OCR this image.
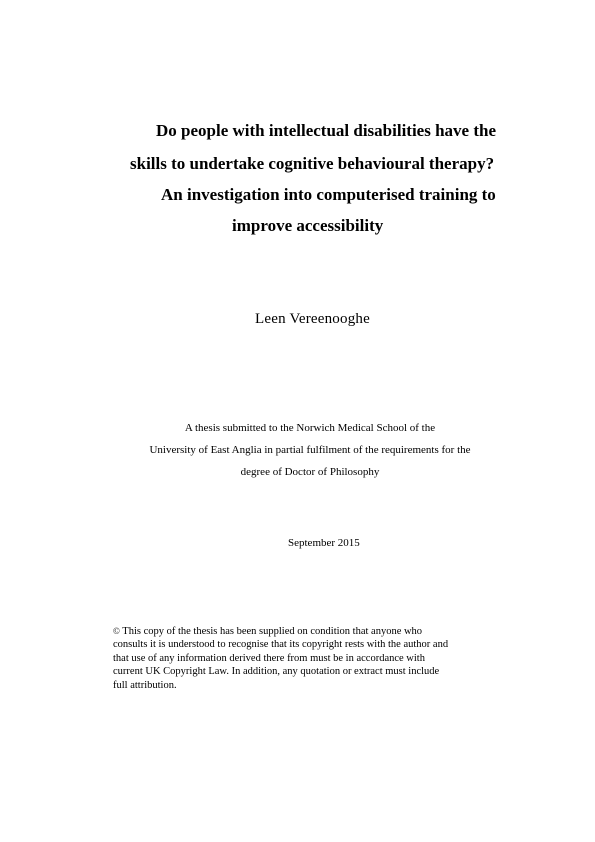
Do people with intellectual disabilities have the
skills to undertake cognitive behavioural therapy?
An investigation into computerised training to
improve accessibility
Leen Vereenooghe
A thesis submitted to the Norwich Medical School of the
University of East Anglia in partial fulfilment of the requirements for the
degree of Doctor of Philosophy
September 2015
© This copy of the thesis has been supplied on condition that anyone who
consults it is understood to recognise that its copyright rests with the author and
that use of any information derived there from must be in accordance with
current UK Copyright Law. In addition, any quotation or extract must include
full attribution.
